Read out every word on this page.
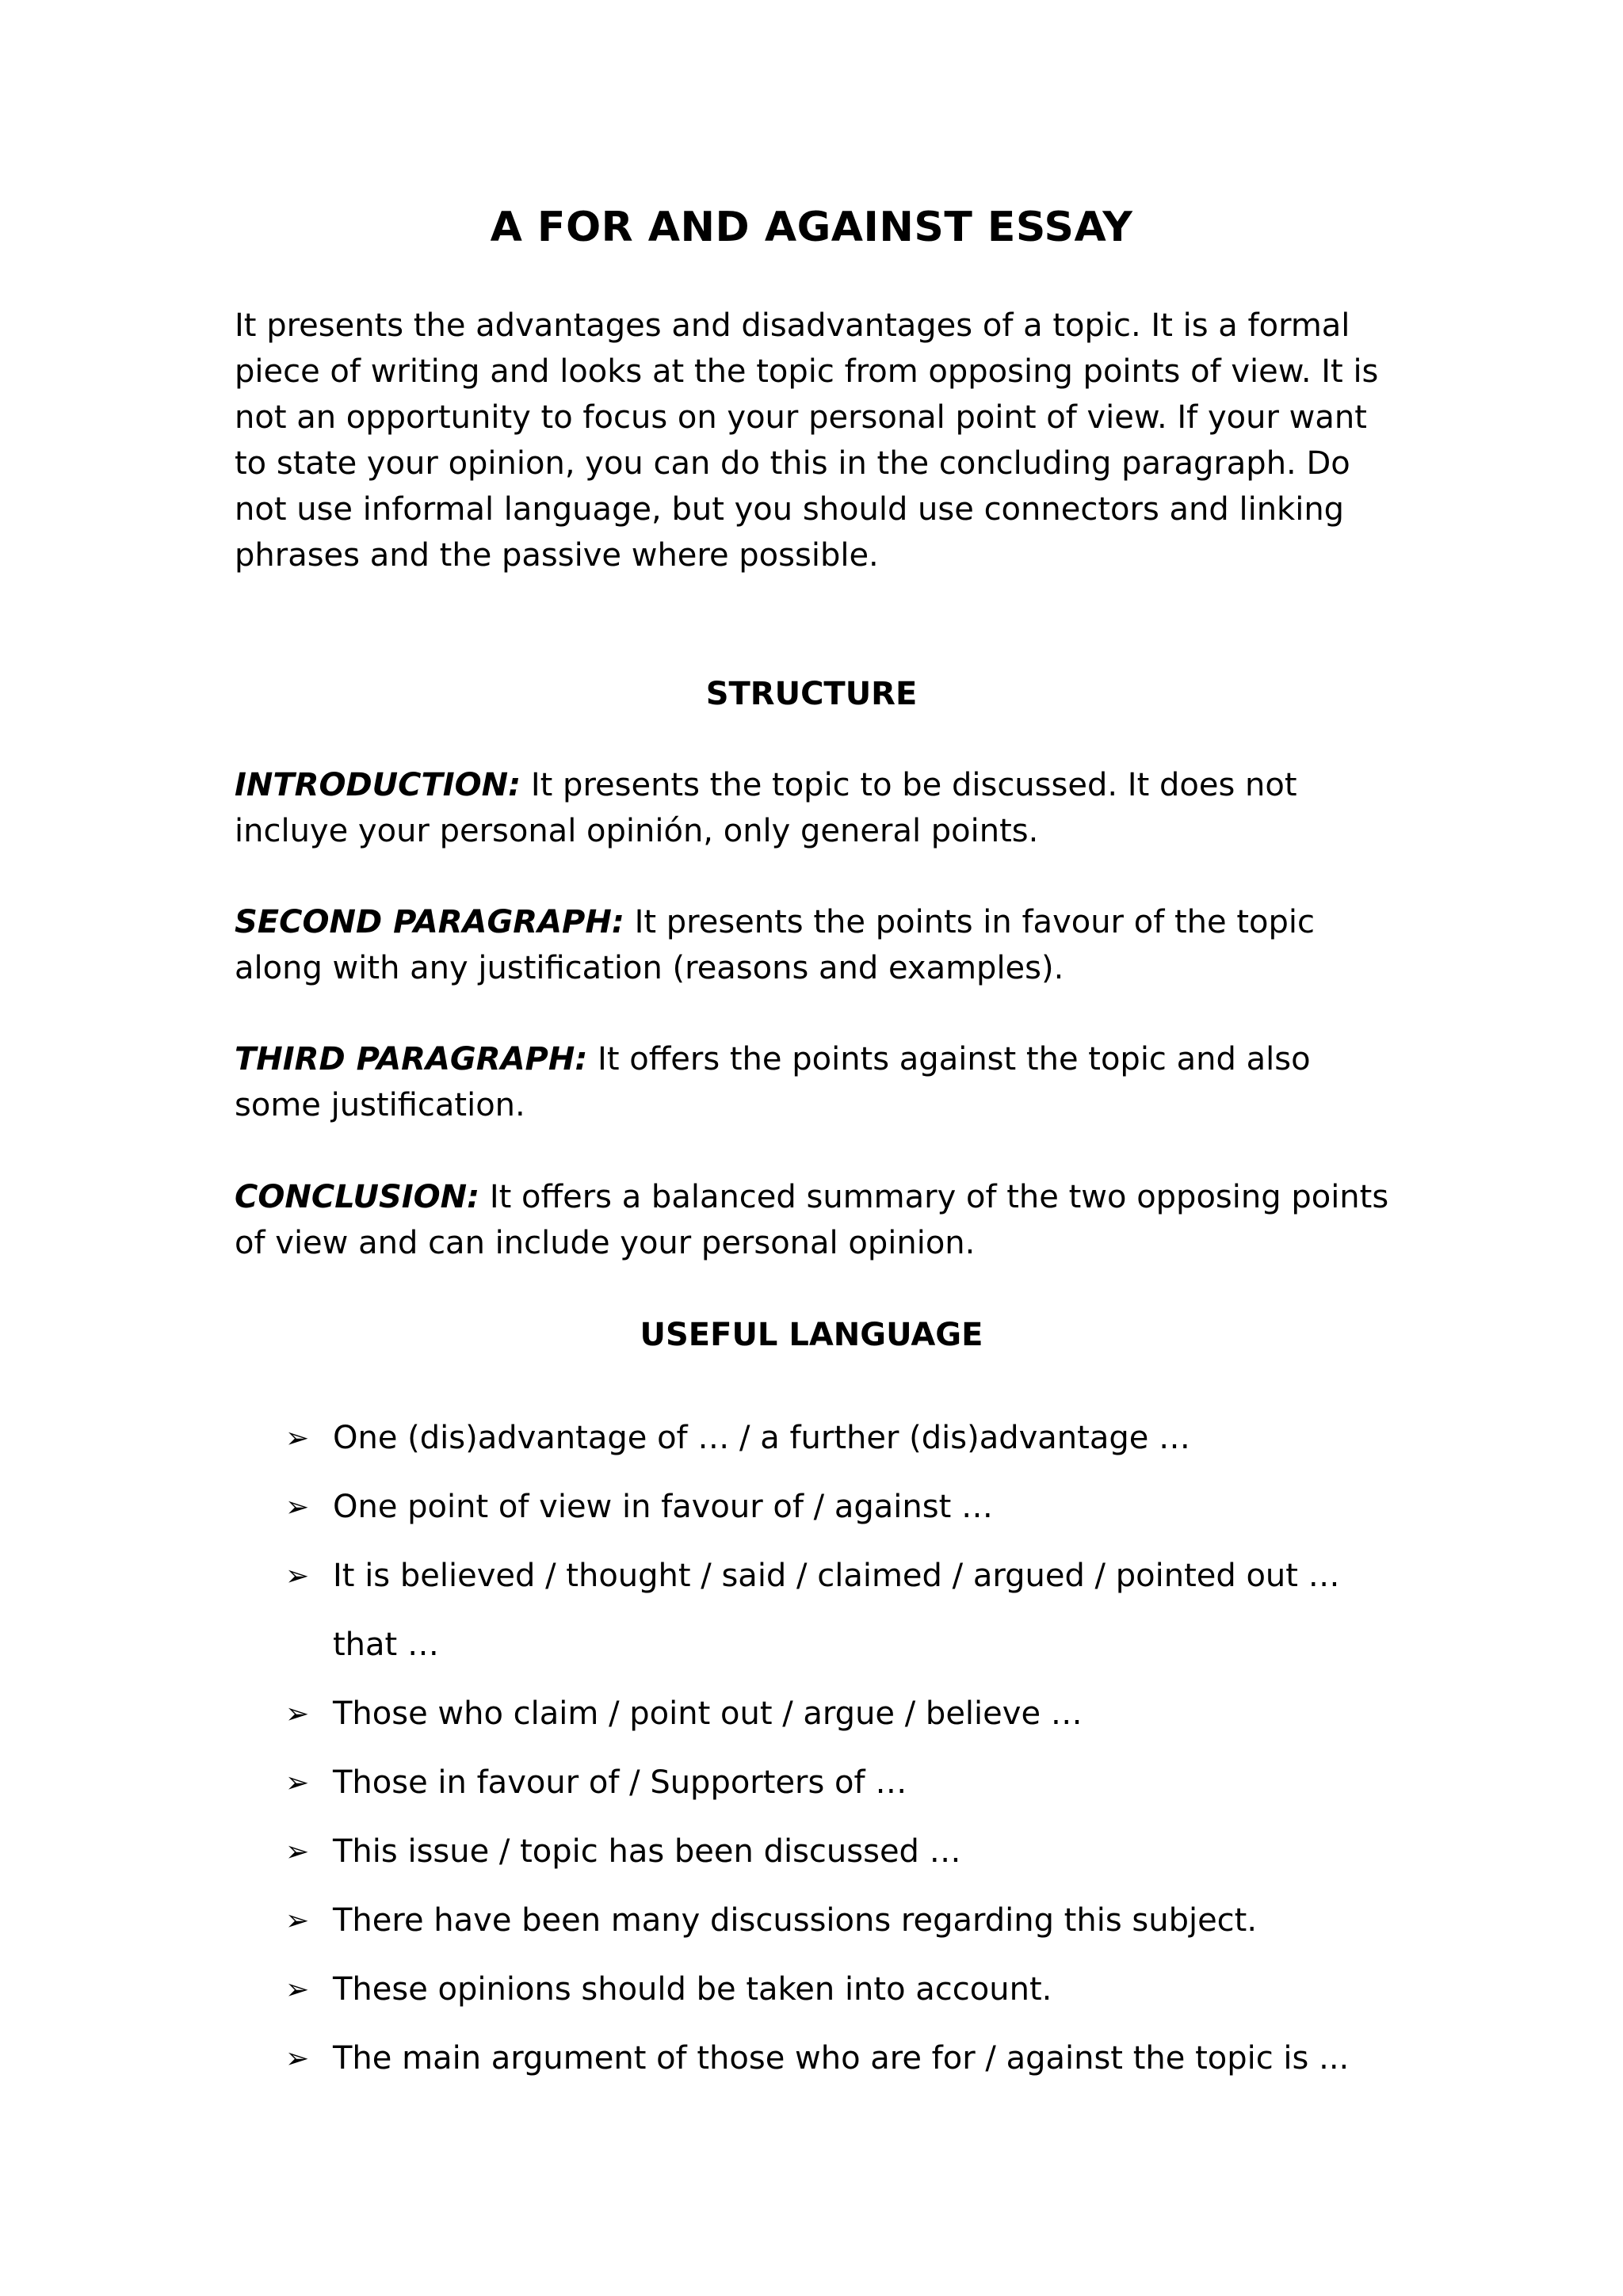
A FOR AND AGAINST ESSAY

It presents the advantages and disadvantages of a topic. It is a formal piece of writing and looks at the topic from opposing points of view. It is not an opportunity to focus on your personal point of view. If your want to state your opinion, you can do this in the concluding paragraph. Do not use informal language, but you should use connectors and linking phrases and the passive where possible.

STRUCTURE

INTRODUCTION: It presents the topic to be discussed. It does not incluye your personal opinión, only general points.

SECOND PARAGRAPH: It presents the points in favour of the topic along with any justification (reasons and examples).

THIRD PARAGRAPH: It offers the points against the topic and also some justification.

CONCLUSION: It offers a balanced summary of the two opposing points of view and can include your personal opinion.

USEFUL LANGUAGE
➢ One (dis)advantage of … / a further (dis)advantage …
➢ One point of view in favour of / against …
➢ It is believed / thought / said / claimed / argued / pointed out … that …
➢ Those who claim / point out / argue / believe …
➢ Those in favour of / Supporters of …
➢ This issue / topic has been discussed …
➢ There have been many discussions regarding this subject.
➢ These opinions should be taken into account.
➢ The main argument of those who are for / against the topic is ...
